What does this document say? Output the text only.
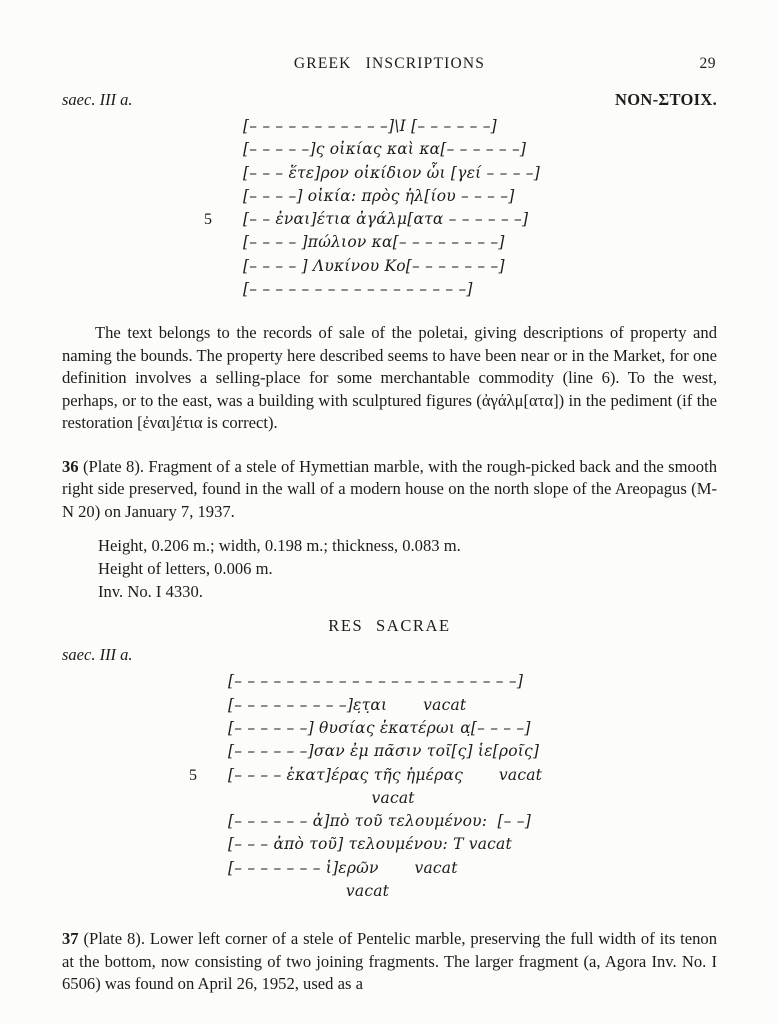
GREEK INSCRIPTIONS	29
saec. III a.	ΝΟΝ-ΣΤΟΙΧ.
[– – – – – – – – – – –]\Ι [– – – – – –]
[– – – – –]ς οἰκίας καὶ κα[– – – – – –]
[– – – ἕτε]ρον οἰκίδιον ὧι [γεί – – – –]
[– – – –] οἰκία: πρὸς ἡλ[ίου – – – –]
5 [– – ἐναι]έτια ἀγάλμ[ατα – – – – – –]
[– – – – ]πώλιον κα[– – – – – – – –]
[– – – – ] Λυκίνου Κο[– – – – – – –]
[– – – – – – – – – – – – – – – – –]

The text belongs to the records of sale of the poletai, giving descriptions of property and naming the bounds. The property here described seems to have been near or in the Market, for one definition involves a selling-place for some merchantable commodity (line 6). To the west, perhaps, or to the east, was a building with sculptured figures (ἀγάλμ[ατα]) in the pediment (if the restoration [ἐναι]έτια is correct).

36 (Plate 8). Fragment of a stele of Hymettian marble, with the rough-picked back and the smooth right side preserved, found in the wall of a modern house on the north slope of the Areopagus (M-N 20) on January 7, 1937.

Height, 0.206 m.; width, 0.198 m.; thickness, 0.083 m.
Height of letters, 0.006 m.
Inv. No. I 4330.
RES SACRAE
saec. III a.
[– – – – – – – – – – – – – – – – – – – – – –]
[– – – – – – – – –]ε̣τ̣αι       vacat
[– – – – – –] θυσίας ἑκατέρωι α̣[– – – –]
[– – – – – –]σαν ἐμ πᾶσιν τοῖ[ς] ἱε[ροῖς]
5 [– – – – ἑκατ]έρας τῆς ἡμέρας       vacat
vacat
[– – – – – – ἀ]πὸ τοῦ τελουμένου:  [– –]
[– – – ἀπὸ τοῦ] τελουμένου: Τ vacat
[– – – – – – – ἱ]ερῶν       vacat
vacat

37 (Plate 8). Lower left corner of a stele of Pentelic marble, preserving the full width of its tenon at the bottom, now consisting of two joining fragments. The larger fragment (a, Agora Inv. No. I 6506) was found on April 26, 1952, used as a
